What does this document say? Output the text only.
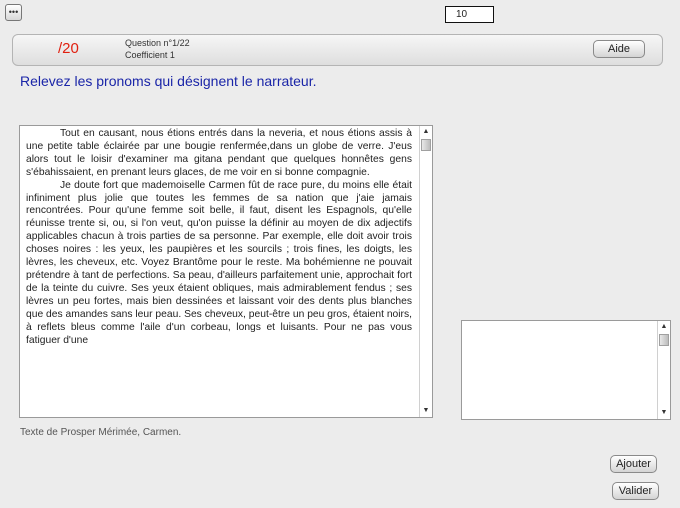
•••	10
/20	Question n°1/22
Coefficient 1	Aide
Relevez les pronoms qui désignent le narrateur.

Tout en causant, nous étions entrés dans la neveria, et nous étions assis à une petite table éclairée par une bougie renfermée,dans un globe de verre. J'eus alors tout le loisir d'examiner ma gitana pendant que quelques honnêtes gens s'ébahissaient, en prenant leurs glaces, de me voir en si bonne compagnie.

Je doute fort que mademoiselle Carmen fût de race pure, du moins elle était infiniment plus jolie que toutes les femmes de sa nation que j'aie jamais rencontrées. Pour qu'une femme soit belle, il faut, disent les Espagnols, qu'elle réunisse trente si, ou, si l'on veut, qu'on puisse la définir au moyen de dix adjectifs applicables chacun à trois parties de sa personne. Par exemple, elle doit avoir trois choses noires : les yeux, les paupières et les sourcils ; trois fines, les doigts, les lèvres, les cheveux, etc. Voyez Brantôme pour le reste. Ma bohémienne ne pouvait prétendre à tant de perfections. Sa peau, d'ailleurs parfaitement unie, approchait fort de la teinte du cuivre. Ses yeux étaient obliques, mais admirablement fendus ; ses lèvres un peu fortes, mais bien dessinées et laissant voir des dents plus blanches que des amandes sans leur peau. Ses cheveux, peut-être un peu gros, étaient noirs, à reflets bleus comme l'aile d'un corbeau, longs et luisants. Pour ne pas vous fatiguer d'une

▲
▼
Texte de Prosper Mérimée, Carmen.
▲
▼
Ajouter
Valider
